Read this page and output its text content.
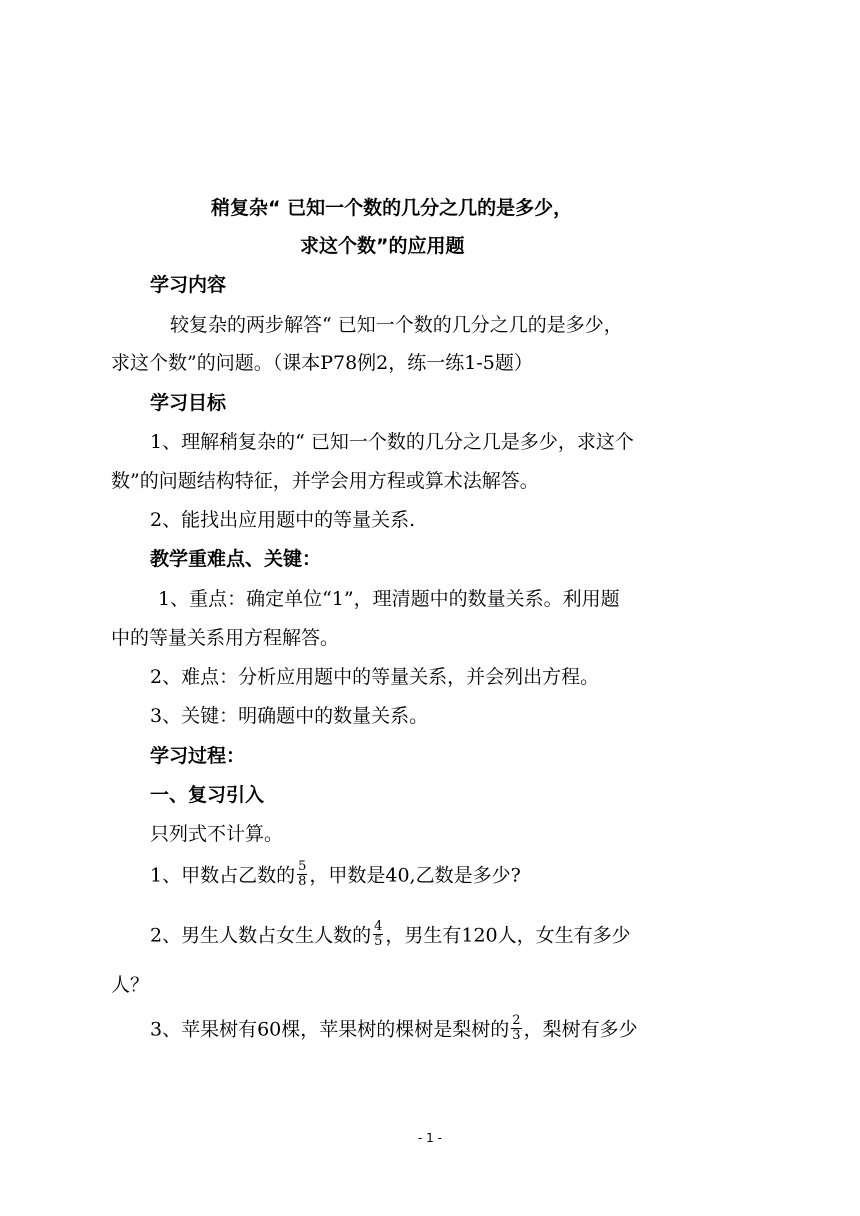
稍复杂“ 已知一个数的几分之几的是多少，
求这个数”的应用题
学习内容
较复杂的两步解答“ 已知一个数的几分之几的是多少，
求这个数”的问题。（课本P78例2，练一练1-5题）
学习目标
1、理解稍复杂的“ 已知一个数的几分之几是多少，求这个
数”的问题结构特征，并学会用方程或算术法解答。
2、能找出应用题中的等量关系.
教学重难点、关键：
1、重点：确定单位“1”，理清题中的数量关系。利用题
中的等量关系用方程解答。
2、难点：分析应用题中的等量关系，并会列出方程。
3、关键：明确题中的数量关系。
学习过程：
一、复习引入
只列式不计算。
1、甲数占乙数的 $\frac{5}{8}$ ，甲数是40,乙数是多少?
2、男生人数占女生人数的 $\frac{4}{5}$ ，男生有120人，女生有多少
人？
3、苹果树有60棵，苹果树的棵树是梨树的 $\frac{2}{3}$ ，梨树有多少
- 1 -
